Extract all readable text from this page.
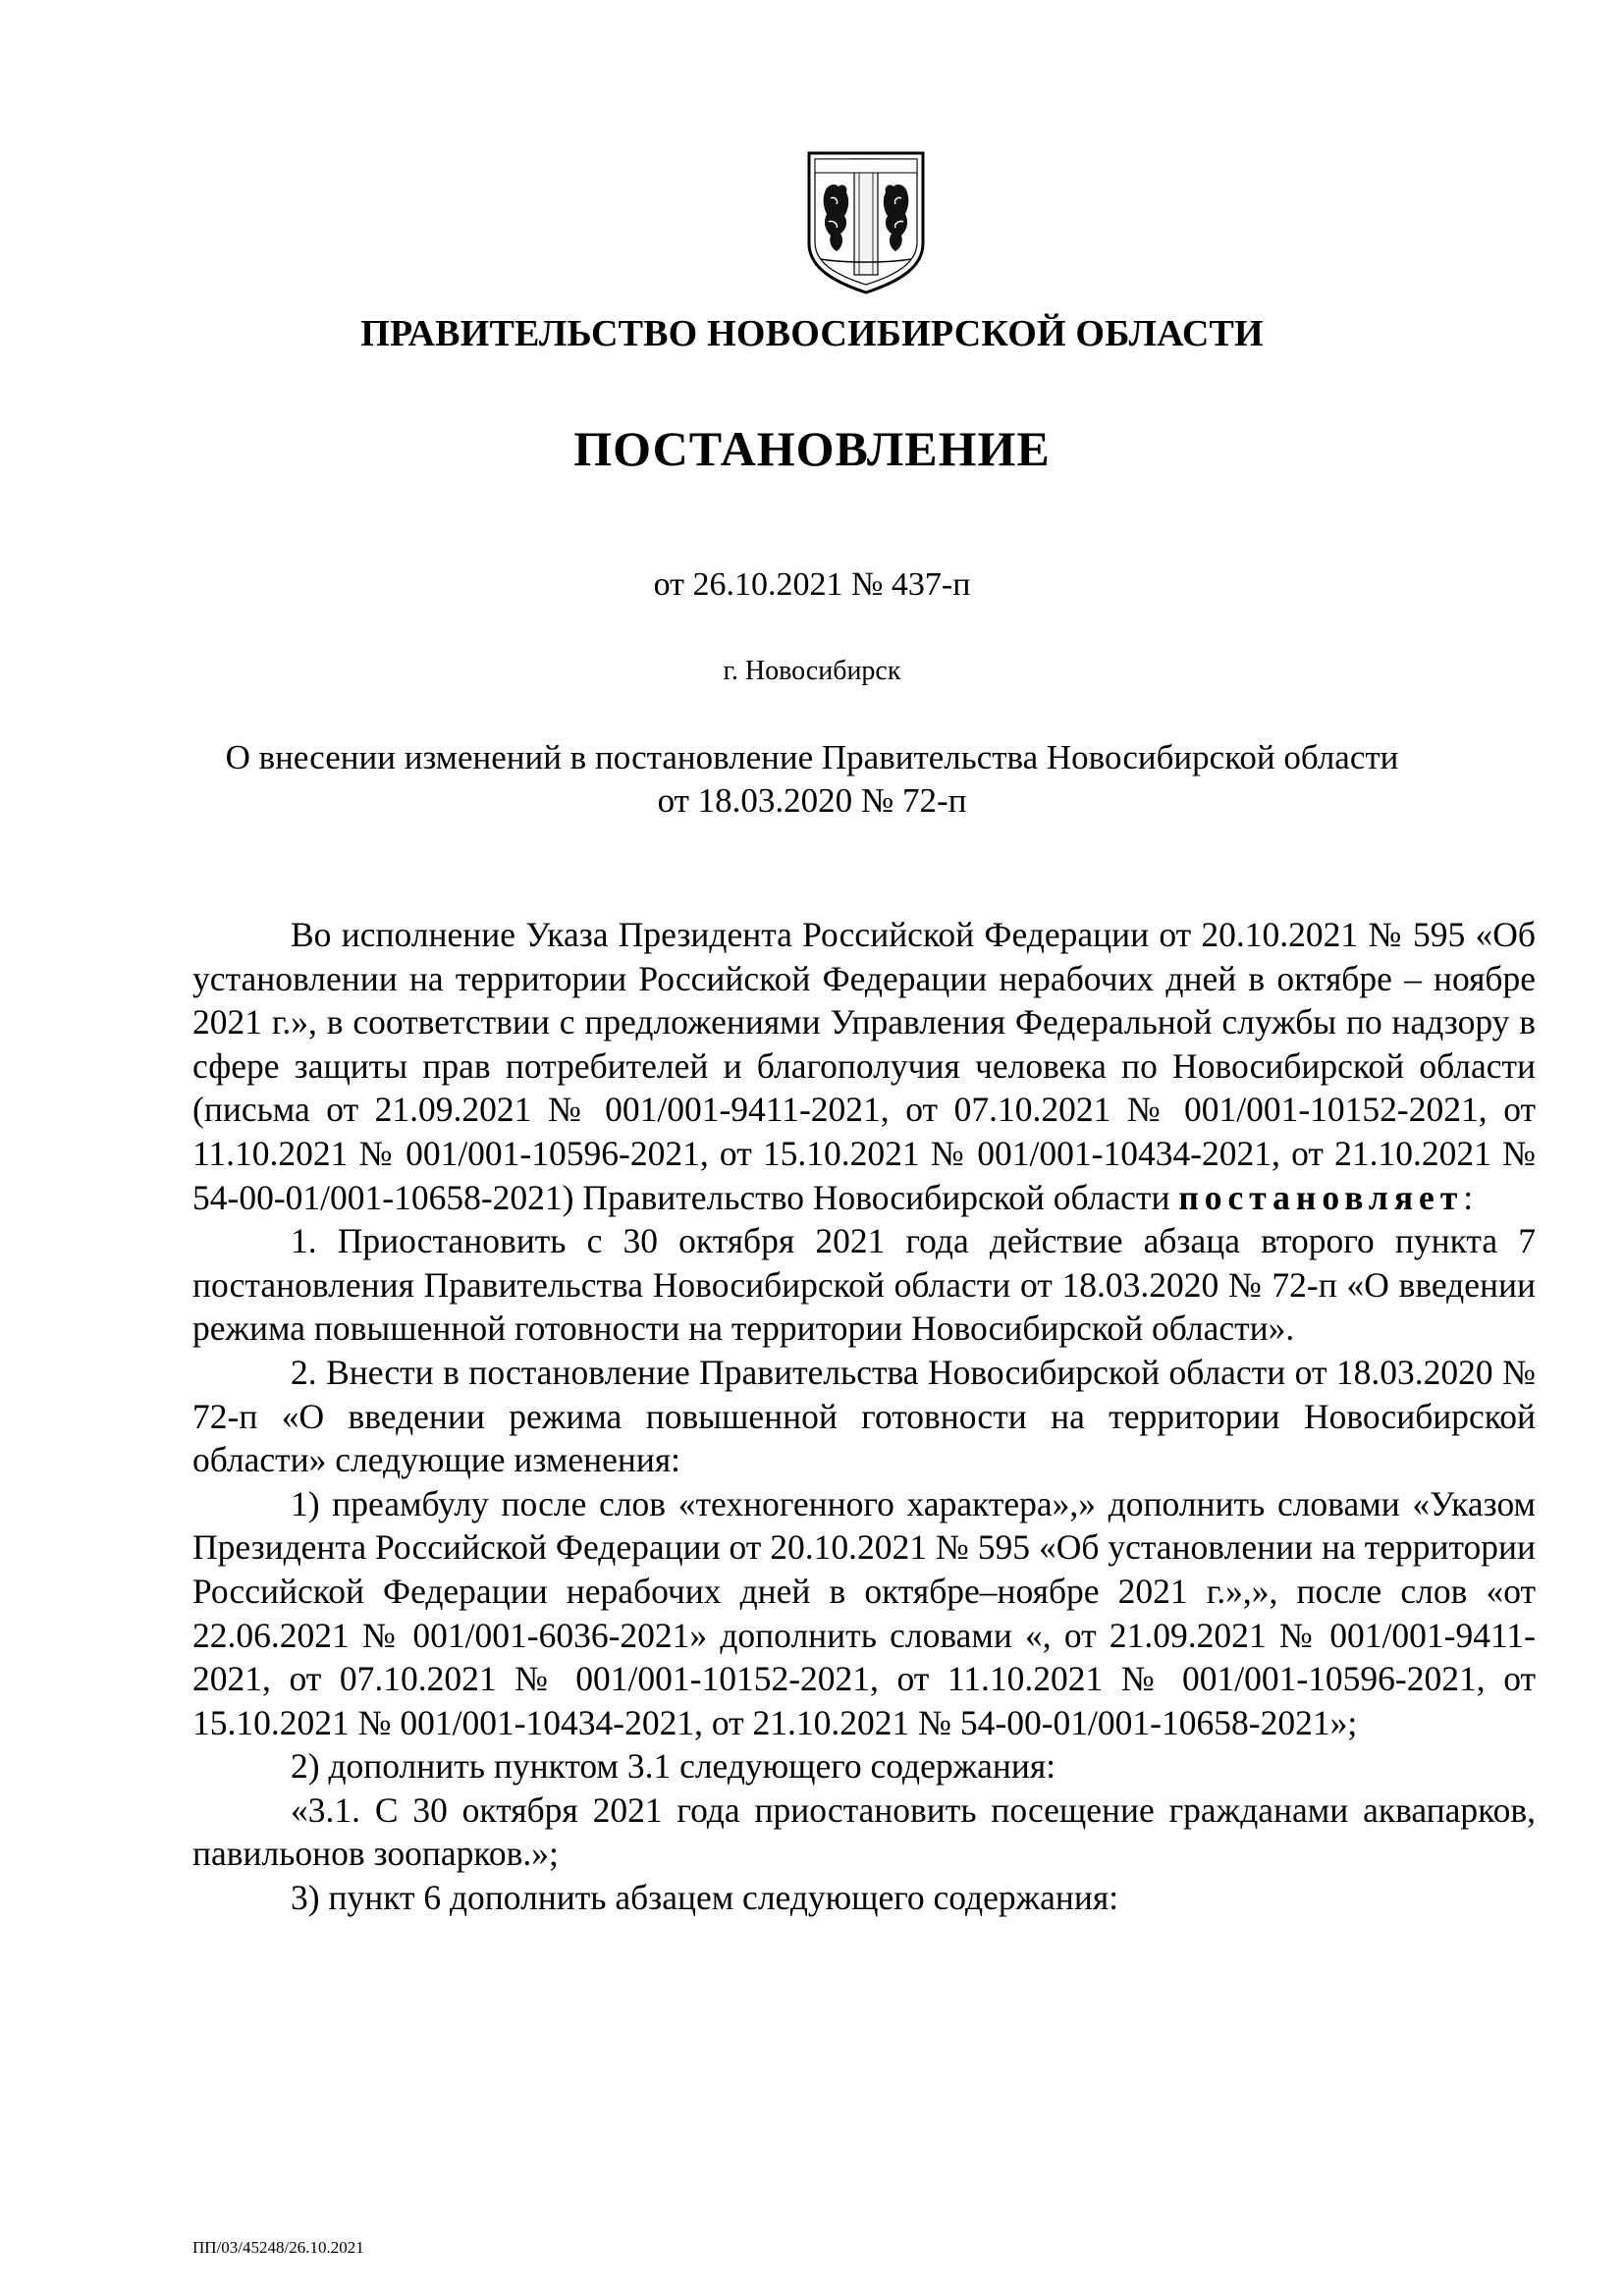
ПРАВИТЕЛЬСТВО НОВОСИБИРСКОЙ ОБЛАСТИ
ПОСТАНОВЛЕНИЕ
от 26.10.2021 № 437-п
г. Новосибирск
О внесении изменений в постановление Правительства Новосибирской области
от 18.03.2020 № 72-п

Во исполнение Указа Президента Российской Федерации от 20.10.2021 № 595 «Об установлении на территории Российской Федерации нерабочих дней в октябре – ноябре 2021 г.», в соответствии с предложениями Управления Федеральной службы по надзору в сфере защиты прав потребителей и благополучия человека по Новосибирской области (письма от 21.09.2021 № 001/001-9411-2021, от 07.10.2021 № 001/001-10152-2021, от 11.10.2021 № 001/001-10596-2021, от 15.10.2021 № 001/001-10434-2021, от 21.10.2021 № 54-00-01/001-10658-2021) Правительство Новосибирской области постановляет:

1. Приостановить с 30 октября 2021 года действие абзаца второго пункта 7 постановления Правительства Новосибирской области от 18.03.2020 № 72-п «О введении режима повышенной готовности на территории Новосибирской области».

2. Внести в постановление Правительства Новосибирской области от 18.03.2020 № 72-п «О введении режима повышенной готовности на территории Новосибирской области» следующие изменения:

1) преамбулу после слов «техногенного характера»,» дополнить словами «Указом Президента Российской Федерации от 20.10.2021 № 595 «Об установлении на территории Российской Федерации нерабочих дней в октябре–ноябре 2021 г.»,», после слов «от 22.06.2021 № 001/001-6036-2021» дополнить словами «, от 21.09.2021 № 001/001-9411-2021, от 07.10.2021 № 001/001-10152-2021, от 11.10.2021 № 001/001-10596-2021, от 15.10.2021 № 001/001-10434-2021, от 21.10.2021 № 54-00-01/001-10658-2021»;

2) дополнить пунктом 3.1 следующего содержания:

«3.1. С 30 октября 2021 года приостановить посещение гражданами аквапарков, павильонов зоопарков.»;

3) пункт 6 дополнить абзацем следующего содержания:

ПП/03/45248/26.10.2021
